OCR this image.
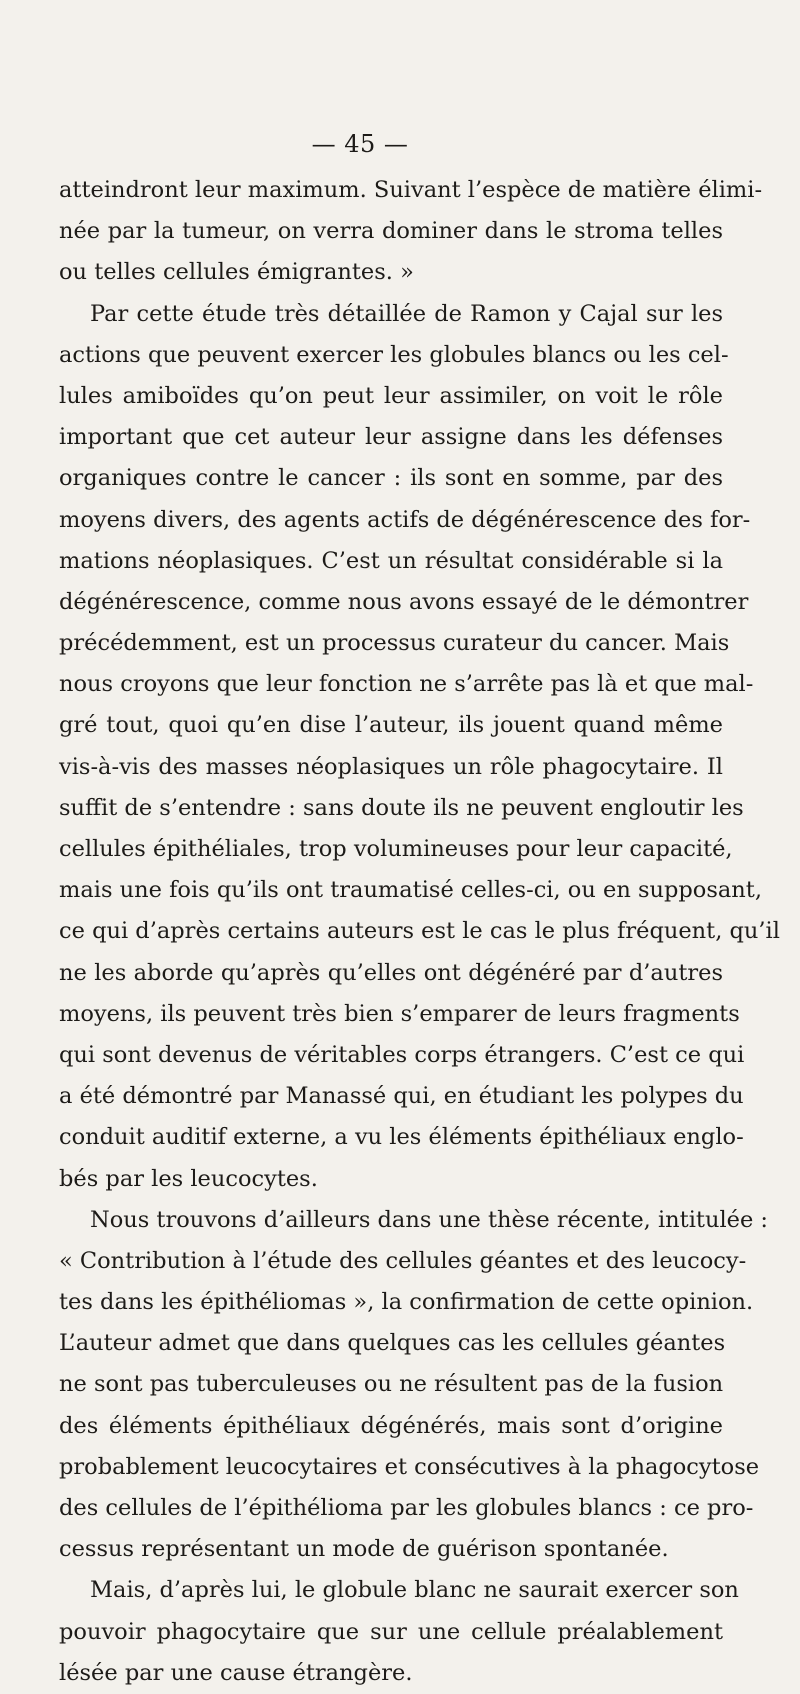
— 45 —
atteindront leur maximum. Suivant l’espèce de matière élimi-
née par la tumeur, on verra dominer dans le stroma telles
ou telles cellules émigrantes. »
Par cette étude très détaillée de Ramon y Cajal sur les
actions que peuvent exercer les globules blancs ou les cel-
lules amiboïdes qu’on peut leur assimiler, on voit le rôle
important que cet auteur leur assigne dans les défenses
organiques contre le cancer : ils sont en somme, par des
moyens divers, des agents actifs de dégénérescence des for-
mations néoplasiques. C’est un résultat considérable si la
dégénérescence, comme nous avons essayé de le démontrer
précédemment, est un processus curateur du cancer. Mais
nous croyons que leur fonction ne s’arrête pas là et que mal-
gré tout, quoi qu’en dise l’auteur, ils jouent quand même
vis-à-vis des masses néoplasiques un rôle phagocytaire. Il
suffit de s’entendre : sans doute ils ne peuvent engloutir les
cellules épithéliales, trop volumineuses pour leur capacité,
mais une fois qu’ils ont traumatisé celles-ci, ou en supposant,
ce qui d’après certains auteurs est le cas le plus fréquent, qu’il
ne les aborde qu’après qu’elles ont dégénéré par d’autres
moyens, ils peuvent très bien s’emparer de leurs fragments
qui sont devenus de véritables corps étrangers. C’est ce qui
a été démontré par Manassé qui, en étudiant les polypes du
conduit auditif externe, a vu les éléments épithéliaux englo-
bés par les leucocytes.
Nous trouvons d’ailleurs dans une thèse récente, intitulée :
« Contribution à l’étude des cellules géantes et des leucocy-
tes dans les épithéliomas », la confirmation de cette opinion.
L’auteur admet que dans quelques cas les cellules géantes
ne sont pas tuberculeuses ou ne résultent pas de la fusion
des éléments épithéliaux dégénérés, mais sont d’origine
probablement leucocytaires et consécutives à la phagocytose
des cellules de l’épithélioma par les globules blancs : ce pro-
cessus représentant un mode de guérison spontanée.
Mais, d’après lui, le globule blanc ne saurait exercer son
pouvoir phagocytaire que sur une cellule préalablement
lésée par une cause étrangère.
